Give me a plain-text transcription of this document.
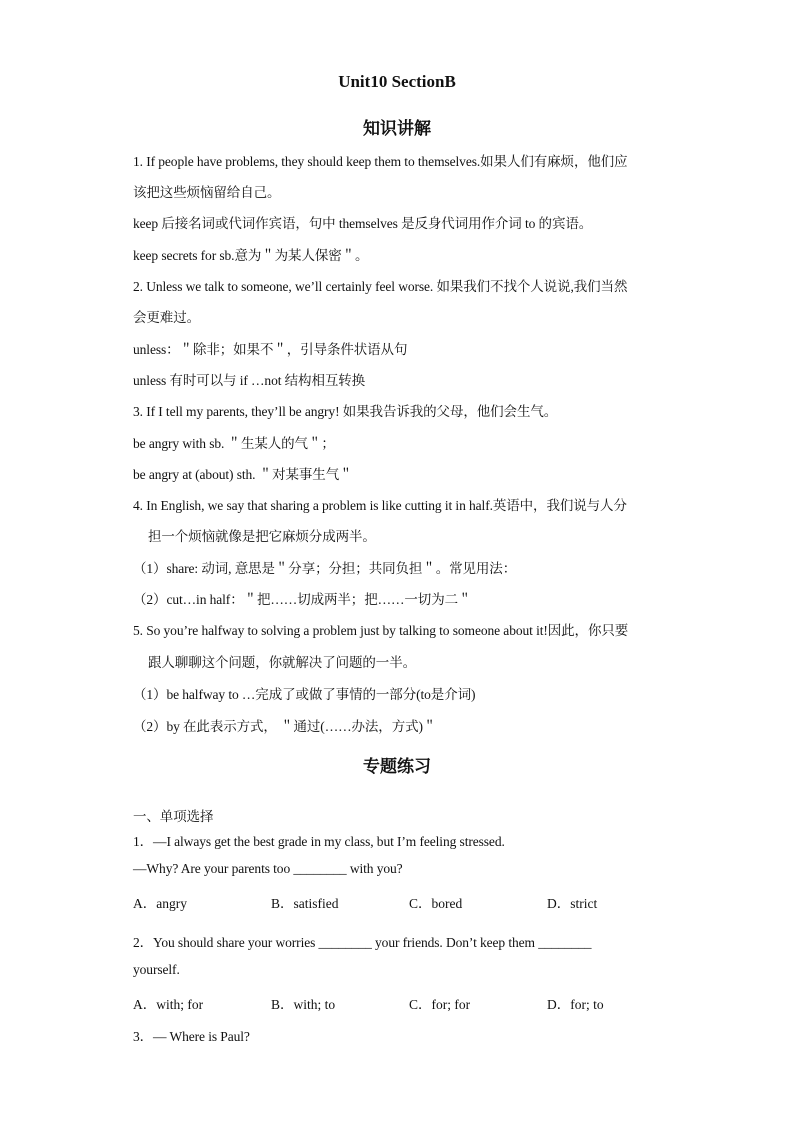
Unit10 SectionB
知识讲解
1. If people have problems, they should keep them to themselves.如果人们有麻烦，他们应
该把这些烦恼留给自己。
keep 后接名词或代词作宾语，句中 themselves 是反身代词用作介词 to 的宾语。
keep secrets for sb.意为＂为某人保密＂。
2. Unless we talk to someone, we’ll certainly feel worse. 如果我们不找个人说说,我们当然
会更难过。
unless：＂除非；如果不＂，引导条件状语从句
unless 有时可以与 if …not 结构相互转换
3. If I tell my parents, they’ll be angry! 如果我告诉我的父母，他们会生气。
be angry with sb. ＂生某人的气＂；
be angry at (about) sth. ＂对某事生气＂
4. In English, we say that sharing a problem is like cutting it in half.英语中，我们说与人分
担一个烦恼就像是把它麻烦分成两半。
（1）share: 动词, 意思是＂分享；分担；共同负担＂。常见用法：
（2）cut…in half：＂把……切成两半；把……一切为二＂
5. So you’re halfway to solving a problem just by talking to someone about it!因此，你只要
跟人聊聊这个问题，你就解决了问题的一半。
（1）be halfway to …完成了或做了事情的一部分(to是介词)
（2）by 在此表示方式， ＂通过(……办法，方式)＂
专题练习
一、单项选择
1．—I always get the best grade in my class, but I’m feeling stressed.
—Why? Are your parents too ________ with you?
A．angry	B．satisfied	C．bored	D．strict
2．You should share your worries ________ your friends. Don’t keep them ________
yourself.
A．with; for	B．with; to	C．for; for	D．for; to
3．— Where is Paul?
